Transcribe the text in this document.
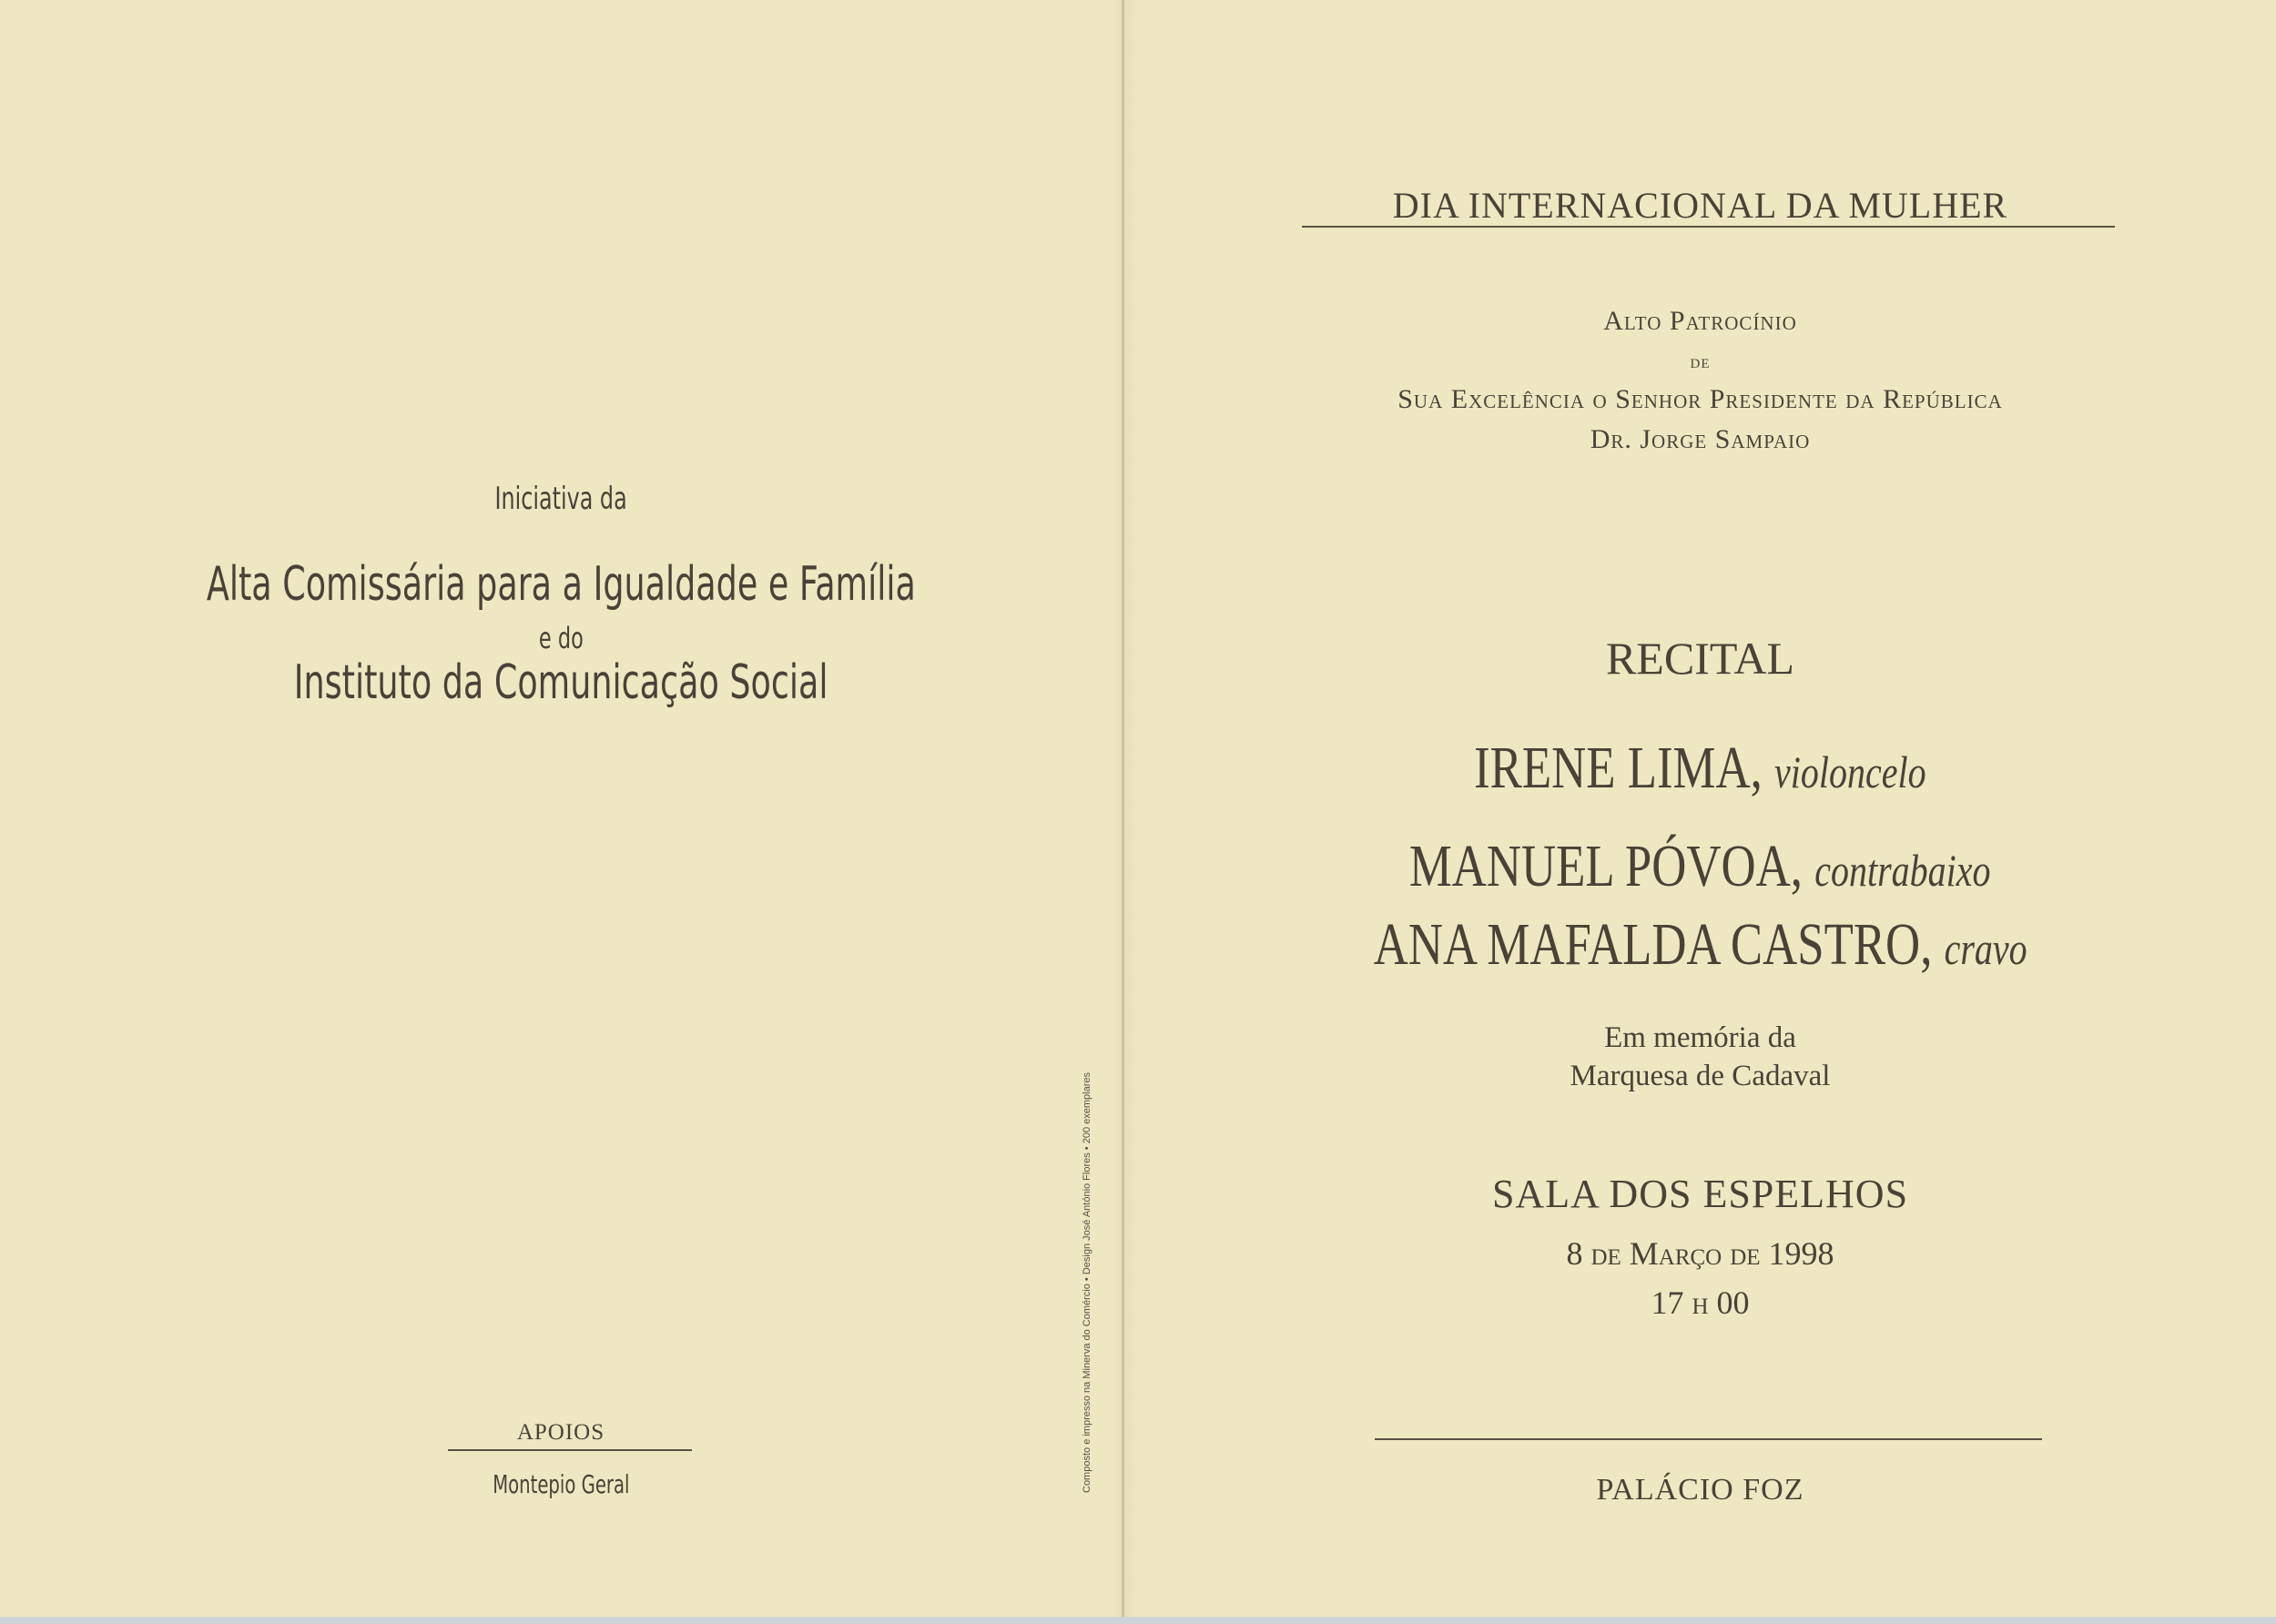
Iniciativa da
Alta Comissária para a Igualdade e Família
e do
Instituto da Comunicação Social
APOIOS
Montepio Geral	Composto e impresso na Minerva do Comércio • Design José António Flores • 200 exemplares
DIA INTERNACIONAL DA MULHER
Alto Patrocínio
de
Sua Excelência o Senhor Presidente da República
Dr. Jorge Sampaio
RECITAL
IRENE LIMA, violoncelo
MANUEL PÓVOA, contrabaixo
ANA MAFALDA CASTRO, cravo
Em memória da
Marquesa de Cadaval
SALA DOS ESPELHOS
8 de Março de 1998
17 h 00
PALÁCIO FOZ
